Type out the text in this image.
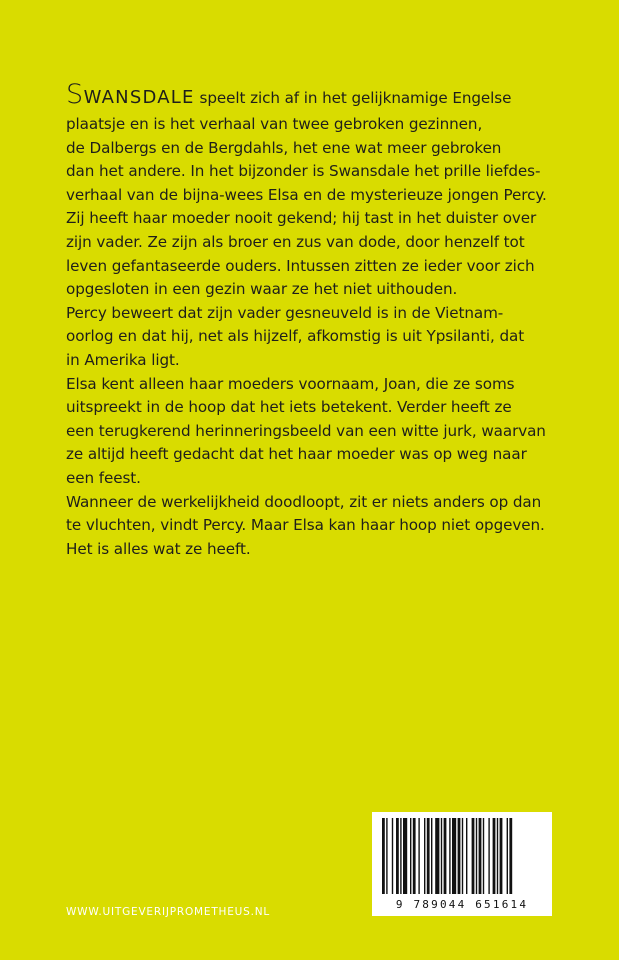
SWANSDALE speelt zich af in het gelijknamige Engelse
plaatsje en is het verhaal van twee gebroken gezinnen,
de Dalbergs en de Bergdahls, het ene wat meer gebroken
dan het andere. In het bijzonder is Swansdale het prille liefdes-
verhaal van de bijna-wees Elsa en de mysterieuze jongen Percy.
Zij heeft haar moeder nooit gekend; hij tast in het duister over
zijn vader. Ze zijn als broer en zus van dode, door henzelf tot
leven gefantaseerde ouders. Intussen zitten ze ieder voor zich
opgesloten in een gezin waar ze het niet uithouden.
Percy beweert dat zijn vader gesneuveld is in de Vietnam-
oorlog en dat hij, net als hijzelf, afkomstig is uit Ypsilanti, dat
in Amerika ligt.
Elsa kent alleen haar moeders voornaam, Joan, die ze soms
uitspreekt in de hoop dat het iets betekent. Verder heeft ze
een terugkerend herinneringsbeeld van een witte jurk, waarvan
ze altijd heeft gedacht dat het haar moeder was op weg naar
een feest.
Wanneer de werkelijkheid doodloopt, zit er niets anders op dan
te vluchten, vindt Percy. Maar Elsa kan haar hoop niet opgeven.
Het is alles wat ze heeft.
WWW.UITGEVERIJPROMETHEUS.NL
9 789044 651614
